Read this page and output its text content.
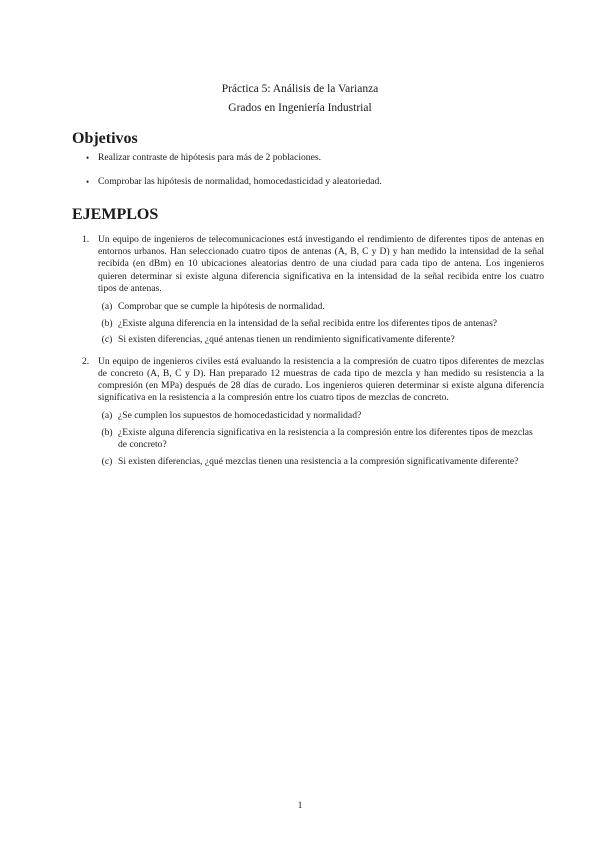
Práctica 5: Análisis de la Varianza
Grados en Ingeniería Industrial
Objetivos
• Realizar contraste de hipótesis para más de 2 poblaciones.
• Comprobar las hipótesis de normalidad, homocedasticidad y aleatoriedad.
EJEMPLOS
1. Un equipo de ingenieros de telecomunicaciones está investigando el rendimiento de diferentes tipos de antenas en entornos urbanos. Han seleccionado cuatro tipos de antenas (A, B, C y D) y han medido la intensidad de la señal recibida (en dBm) en 10 ubicaciones aleatorias dentro de una ciudad para cada tipo de antena. Los ingenieros quieren determinar si existe alguna diferencia significativa en la intensidad de la señal recibida entre los cuatro tipos de antenas.

(a) Comprobar que se cumple la hipótesis de normalidad.
(b) ¿Existe alguna diferencia en la intensidad de la señal recibida entre los diferentes tipos de antenas?
(c) Si existen diferencias, ¿qué antenas tienen un rendimiento significativamente diferente?
2. Un equipo de ingenieros civiles está evaluando la resistencia a la compresión de cuatro tipos diferentes de mezclas de concreto (A, B, C y D). Han preparado 12 muestras de cada tipo de mezcla y han medido su resistencia a la compresión (en MPa) después de 28 días de curado. Los ingenieros quieren determinar si existe alguna diferencia significativa en la resistencia a la compresión entre los cuatro tipos de mezclas de concreto.

(a) ¿Se cumplen los supuestos de homocedasticidad y normalidad?
(b) ¿Existe alguna diferencia significativa en la resistencia a la compresión entre los diferentes tipos de mezclas de concreto?
(c) Si existen diferencias, ¿qué mezclas tienen una resistencia a la compresión significativamente diferente?
1
